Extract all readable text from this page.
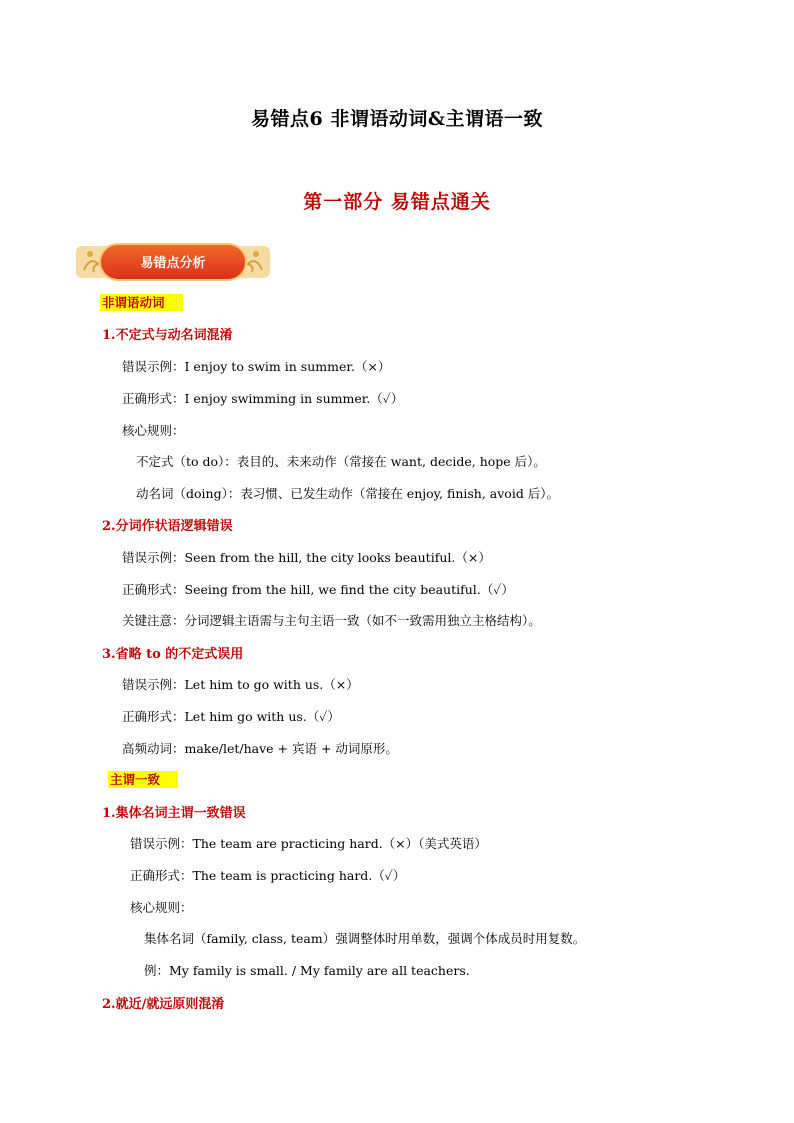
易错点6 非谓语动词&主谓语一致
第一部分 易错点通关
易错点分析
非谓语动词
1.不定式与动名词混淆
错误示例：I enjoy to swim in summer.（×）
正确形式：I enjoy swimming in summer.（✓）
核心规则：
不定式（to do）：表目的、未来动作（常接在 want, decide, hope 后）。
动名词（doing）：表习惯、已发生动作（常接在 enjoy, finish, avoid 后）。
2.分词作状语逻辑错误
错误示例：Seen from the hill, the city looks beautiful.（×）
正确形式：Seeing from the hill, we find the city beautiful.（✓）
关键注意：分词逻辑主语需与主句主语一致（如不一致需用独立主格结构）。
3.省略 to 的不定式误用
错误示例：Let him to go with us.（×）
正确形式：Let him go with us.（✓）
高频动词：make/let/have + 宾语 + 动词原形。
主谓一致
1.集体名词主谓一致错误
错误示例：The team are practicing hard.（×）（美式英语）
正确形式：The team is practicing hard.（✓）
核心规则：
集体名词（family, class, team）强调整体时用单数，强调个体成员时用复数。
例：My family is small. / My family are all teachers.
2.就近/就远原则混淆
